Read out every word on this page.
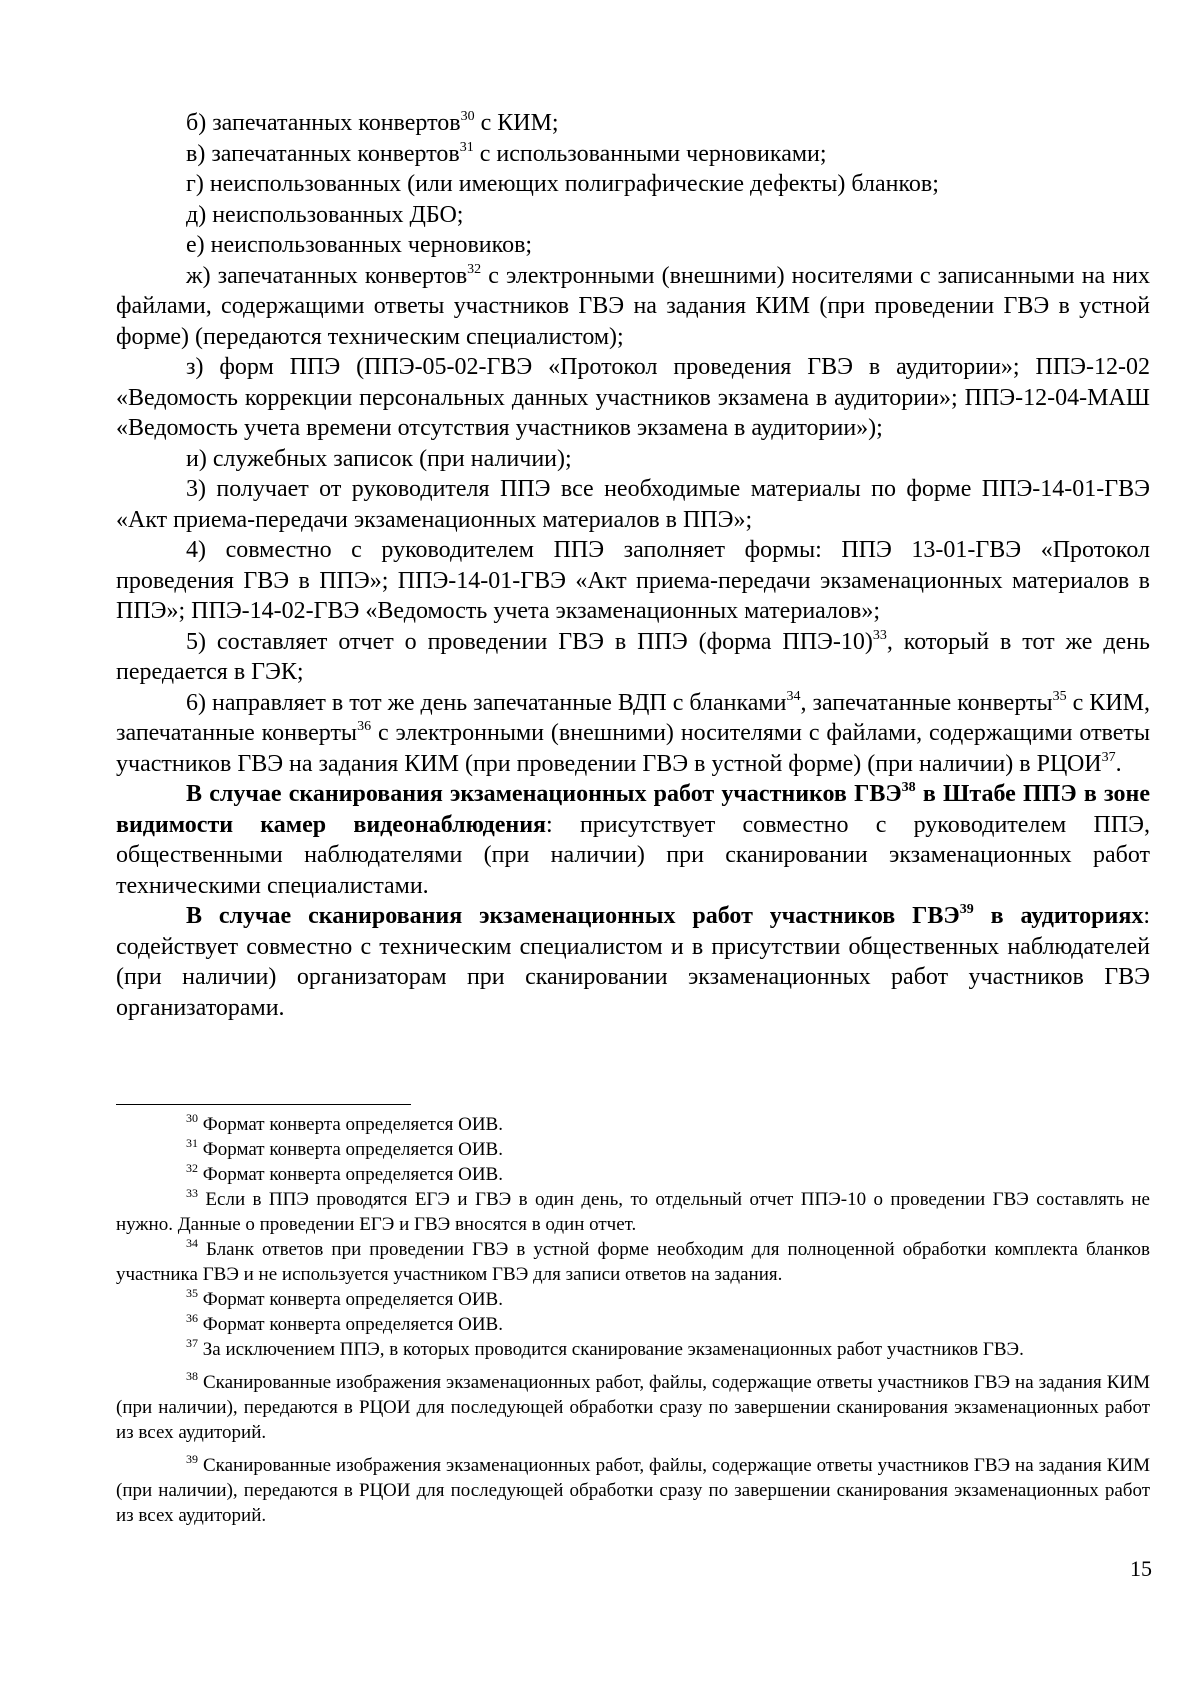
б) запечатанных конвертов$^{30}$ с КИМ;

в) запечатанных конвертов$^{31}$ с использованными черновиками;

г) неиспользованных (или имеющих полиграфические дефекты) бланков;

д) неиспользованных ДБО;

е) неиспользованных черновиков;

ж) запечатанных конвертов$^{32}$ с электронными (внешними) носителями с записанными на них файлами, содержащими ответы участников ГВЭ на задания КИМ (при проведении ГВЭ в устной форме) (передаются техническим специалистом);

з) форм ППЭ (ППЭ-05-02-ГВЭ «Протокол проведения ГВЭ в аудитории»; ППЭ-12-02 «Ведомость коррекции персональных данных участников экзамена в аудитории»; ППЭ-12-04-МАШ «Ведомость учета времени отсутствия участников экзамена в аудитории»);

и) служебных записок (при наличии);

3) получает от руководителя ППЭ все необходимые материалы по форме ППЭ-14-01-ГВЭ «Акт приема-передачи экзаменационных материалов в ППЭ»;

4) совместно с руководителем ППЭ заполняет формы: ППЭ 13-01-ГВЭ «Протокол проведения ГВЭ в ППЭ»; ППЭ-14-01-ГВЭ «Акт приема-передачи экзаменационных материалов в ППЭ»; ППЭ-14-02-ГВЭ «Ведомость учета экзаменационных материалов»;

5) составляет отчет о проведении ГВЭ в ППЭ (форма ППЭ-10)$^{33}$, который в тот же день передается в ГЭК;

6) направляет в тот же день запечатанные ВДП с бланками$^{34}$, запечатанные конверты$^{35}$ с КИМ, запечатанные конверты$^{36}$ с электронными (внешними) носителями с файлами, содержащими ответы участников ГВЭ на задания КИМ (при проведении ГВЭ в устной форме) (при наличии) в РЦОИ$^{37}$.

В случае сканирования экзаменационных работ участников ГВЭ$^{38}$ в Штабе ППЭ в зоне видимости камер видеонаблюдения: присутствует совместно с руководителем ППЭ, общественными наблюдателями (при наличии) при сканировании экзаменационных работ техническими специалистами.

В случае сканирования экзаменационных работ участников ГВЭ$^{39}$ в аудиториях: содействует совместно с техническим специалистом и в присутствии общественных наблюдателей (при наличии) организаторам при сканировании экзаменационных работ участников ГВЭ организаторами.

$^{30}$ Формат конверта определяется ОИВ.

$^{31}$ Формат конверта определяется ОИВ.

$^{32}$ Формат конверта определяется ОИВ.

$^{33}$ Если в ППЭ проводятся ЕГЭ и ГВЭ в один день, то отдельный отчет ППЭ-10 о проведении ГВЭ составлять не нужно. Данные о проведении ЕГЭ и ГВЭ вносятся в один отчет.

$^{34}$ Бланк ответов при проведении ГВЭ в устной форме необходим для полноценной обработки комплекта бланков участника ГВЭ и не используется участником ГВЭ для записи ответов на задания.

$^{35}$ Формат конверта определяется ОИВ.

$^{36}$ Формат конверта определяется ОИВ.

$^{37}$ За исключением ППЭ, в которых проводится сканирование экзаменационных работ участников ГВЭ.

$^{38}$ Сканированные изображения экзаменационных работ, файлы, содержащие ответы участников ГВЭ на задания КИМ (при наличии), передаются в РЦОИ для последующей обработки сразу по завершении сканирования экзаменационных работ из всех аудиторий.

$^{39}$ Сканированные изображения экзаменационных работ, файлы, содержащие ответы участников ГВЭ на задания КИМ (при наличии), передаются в РЦОИ для последующей обработки сразу по завершении сканирования экзаменационных работ из всех аудиторий.

15
